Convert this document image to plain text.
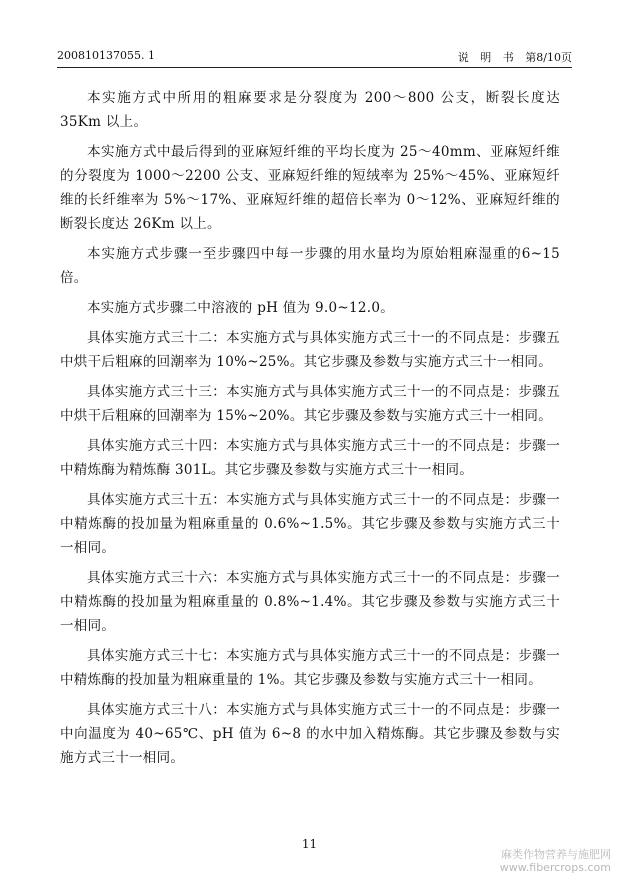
200810137055. 1	说 明 书 第8/10页

本实施方式中所用的粗麻要求是分裂度为 200～800 公支，断裂长度达35Km 以上。

本实施方式中最后得到的亚麻短纤维的平均长度为 25～40mm、亚麻短纤维的分裂度为 1000～2200 公支、亚麻短纤维的短绒率为 25%～45%、亚麻短纤维的长纤维率为 5%～17%、亚麻短纤维的超倍长率为 0～12%、亚麻短纤维的断裂长度达 26Km 以上。

本实施方式步骤一至步骤四中每一步骤的用水量均为原始粗麻湿重的6~15 倍。

本实施方式步骤二中溶液的 pH 值为 9.0~12.0。

具体实施方式三十二：本实施方式与具体实施方式三十一的不同点是：步骤五中烘干后粗麻的回潮率为 10%~25%。其它步骤及参数与实施方式三十一相同。

具体实施方式三十三：本实施方式与具体实施方式三十一的不同点是：步骤五中烘干后粗麻的回潮率为 15%~20%。其它步骤及参数与实施方式三十一相同。

具体实施方式三十四：本实施方式与具体实施方式三十一的不同点是：步骤一中精炼酶为精炼酶 301L。其它步骤及参数与实施方式三十一相同。

具体实施方式三十五：本实施方式与具体实施方式三十一的不同点是：步骤一中精炼酶的投加量为粗麻重量的 0.6%~1.5%。其它步骤及参数与实施方式三十一相同。

具体实施方式三十六：本实施方式与具体实施方式三十一的不同点是：步骤一中精炼酶的投加量为粗麻重量的 0.8%~1.4%。其它步骤及参数与实施方式三十一相同。

具体实施方式三十七：本实施方式与具体实施方式三十一的不同点是：步骤一中精炼酶的投加量为粗麻重量的 1%。其它步骤及参数与实施方式三十一相同。

具体实施方式三十八：本实施方式与具体实施方式三十一的不同点是：步骤一中向温度为 40~65℃、pH 值为 6~8 的水中加入精炼酶。其它步骤及参数与实施方式三十一相同。

11
麻类作物营养与施肥网
www.fibercrops.com
